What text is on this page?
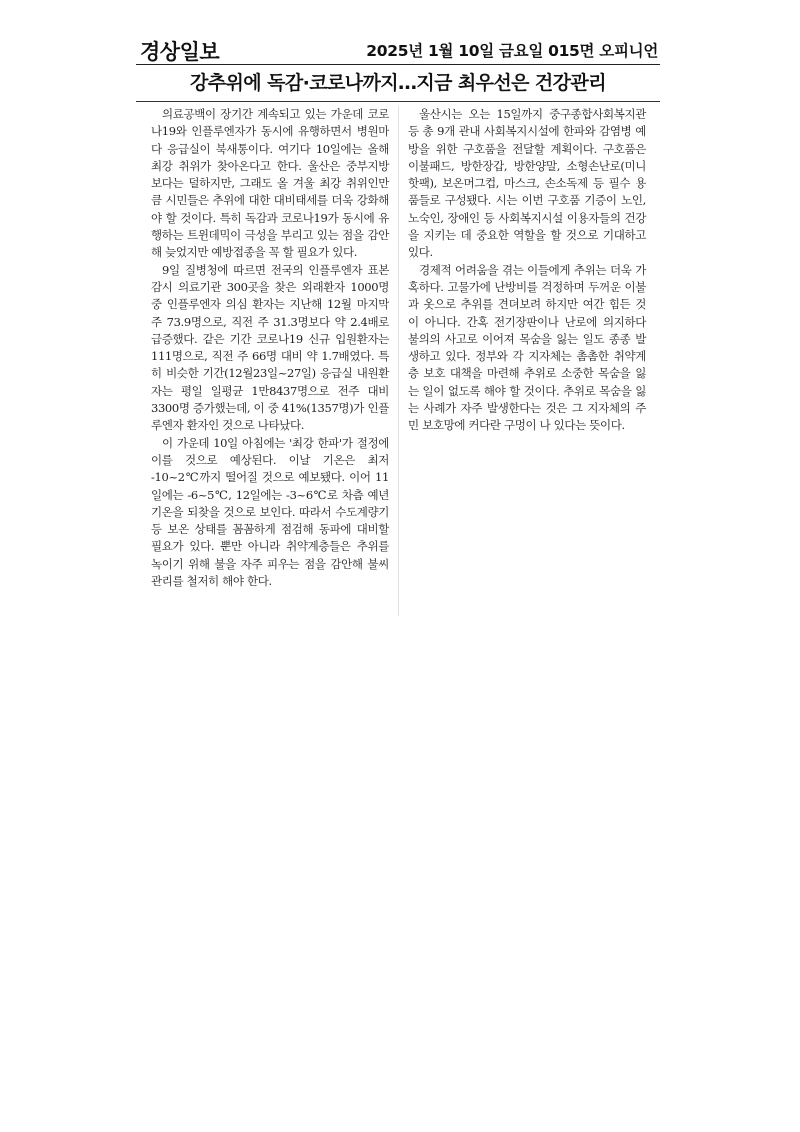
경상일보	2025년 1월 10일 금요일 015면 오피니언
강추위에 독감·코로나까지…지금 최우선은 건강관리

의료공백이 장기간 계속되고 있는 가운데 코로나19와 인플루엔자가 동시에 유행하면서 병원마다 응급실이 북새통이다. 여기다 10일에는 올해 최강 취위가 찾아온다고 한다. 울산은 중부지방 보다는 덜하지만, 그래도 올 겨울 최강 취위인만큼 시민들은 추위에 대한 대비태세를 더욱 강화해야 할 것이다. 특히 독감과 코로나19가 동시에 유행하는 트윈데믹이 극성을 부리고 있는 점을 감안해 늦었지만 예방접종을 꼭 할 필요가 있다.

9일 질병청에 따르면 전국의 인플루엔자 표본감시 의료기관 300곳을 찾은 외래환자 1000명 중 인플루엔자 의심 환자는 지난해 12월 마지막 주 73.9명으로, 직전 주 31.3명보다 약 2.4배로 급증했다. 같은 기간 코로나19 신규 입원환자는 111명으로, 직전 주 66명 대비 약 1.7배였다. 특히 비슷한 기간(12월23일~27일) 응급실 내원환자는 평일 일평균 1만8437명으로 전주 대비 3300명 증가했는데, 이 중 41%(1357명)가 인플루엔자 환자인 것으로 나타났다.

이 가운데 10일 아침에는 '최강 한파'가 절정에 이를 것으로 예상된다. 이날 기온은 최저 -10~2℃까지 떨어질 것으로 예보됐다. 이어 11일에는 -6~5℃, 12일에는 -3~6℃로 차츰 예년 기온을 되찾을 것으로 보인다. 따라서 수도계량기 등 보온 상태를 꼼꼼하게 점검해 동파에 대비할 필요가 있다. 뿐만 아니라 취약계층들은 추위를 녹이기 위해 불을 자주 피우는 점을 감안해 불씨 관리를 철저히 해야 한다.

울산시는 오는 15일까지 중구종합사회복지관 등 총 9개 관내 사회복지시설에 한파와 감염병 예방을 위한 구호품을 전달할 계획이다. 구호품은 이불패드, 방한장갑, 방한양말, 소형손난로(미니핫팩), 보온머그컵, 마스크, 손소독제 등 필수 용품들로 구성됐다. 시는 이번 구호품 기증이 노인, 노숙인, 장애인 등 사회복지시설 이용자들의 건강을 지키는 데 중요한 역할을 할 것으로 기대하고 있다.

경제적 어려움을 겪는 이들에게 추위는 더욱 가혹하다. 고물가에 난방비를 걱정하며 두꺼운 이불과 옷으로 추위를 견뎌보려 하지만 여간 힘든 것이 아니다. 간혹 전기장판이나 난로에 의지하다 불의의 사고로 이어져 목숨을 잃는 일도 종종 발생하고 있다. 정부와 각 지자체는 촘촘한 취약계층 보호 대책을 마련해 추위로 소중한 목숨을 잃는 일이 없도록 해야 할 것이다. 추위로 목숨을 잃는 사례가 자주 발생한다는 것은 그 지자체의 주민 보호망에 커다란 구멍이 나 있다는 뜻이다.
